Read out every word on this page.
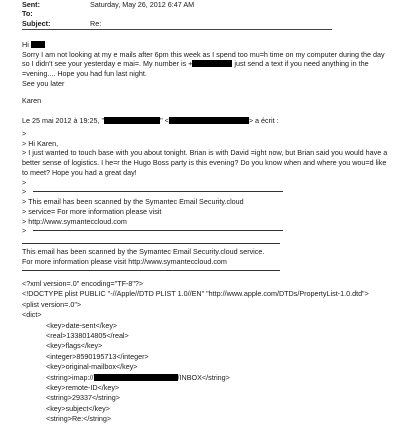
Sent:	Saturday, May 26, 2012 6:47 AM
To:
Subject:	Re:

Hi

Sorry I am not looking at my e mails after 6pm this week as I spend too mu=h time on my computer during the day so I didn't see your yesterday e mai=. My number is +	just send a text if you need anything in the =vening.... Hope you had fun last night.

See you later

Karen

Le 25 mai 2012 à 19:25, "	" <	> a écrit :

>

> Hi Karen,

> I just wanted to touch base with you about tonight. Brian is with David =ight now, but Brian said you would have a better sense of logistics. I he=r the Hugo Boss party is this evening? Do you know when and where you wou=d like to meet? Hope you had a great day!

>

>

> This email has been scanned by the Symantec Email Security.cloud

> service= For more information please visit

> http://www.symanteccloud.com

>

This email has been scanned by the Symantec Email Security.cloud service.

For more information please visit http://www.symanteccloud.com

<?xml version=.0" encoding="TF-8"?>
<!DOCTYPE plist PUBLIC "-//Apple//DTD PLIST 1.0//EN" "http://www.apple.com/DTDs/PropertyList-1.0.dtd">
<plist version=.0">
<dict>
<key>date-sent</key>
<real>1338014805</real>
<key>flags</key>
<integer>8590195713</integer>
<key>original-mailbox</key>
<string>imap://	/INBOX</string>
<key>remote-ID</key>
<string>29337</string>
<key>subject</key>
<string>Re:</string>
